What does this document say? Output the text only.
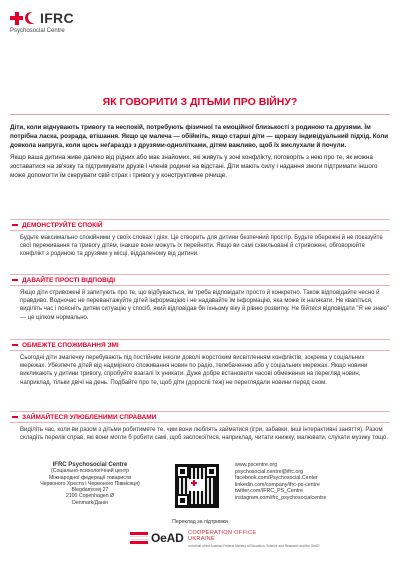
IFRC
Psychosocial Centre
ЯК ГОВОРИТИ З ДІТЬМИ ПРО ВІЙНУ?

Діти, коли відчувають тривогу та неспокій, потребують фізичної та емоційної близькості з родиною та друзями. Їм потрібна ласка, розрада, втішання. Якщо це малеча — обійміть, якщо старші діти — щоразу індивідуальний підхід. Коли довкола напруга, коли щось неґараздз з друзями-однолітками, дітям важливо, щоб їх вислухали й почули.

Якщо ваша дитина живе далеко від рідних або має знайомих, які живуть у зоні конфлікту, поговоріть з нею про те, як можна зоставатися на зв'язку та підтримувати друзів і членів родини на відстані. Діти мають силу і надання змоги підтримати іншого може допомогти їм скерувати свій страх і тривогу у конструктивне річище.

ДЕМОНСТРУЙТЕ СПОКІЙ
Будьте максимально спокійними у своїх словах і діях. Це створить для дитини безпечний простір. Будьте обережні й не показуйте свої переживання та тривогу дітям, інакше вони можуть їх перейняти. Якщо ви самі схвильовані й стривожені, обговорюйте конфлікт з родиною та друзями у місці, віддаленому від дитини.
ДАВАЙТЕ ПРОСТІ ВІДПОВІДІ
Якщо діти стривожені й запитують про те, що відбувається, їм треба відповідати просто й конкретно. Також відповідайте чесно й правдиво. Водночас не перевантажуйте дітей інформацією і не надавайте їм інформацію, яка може їх налякати. Не квапіться, виділіть час і поясніть дитям ситуацію у спосіб, який відповідав би їхньому віку й рівню розвитку. Не бійтеся відповідати "Я не знаю" — це цілком нормально.
ОБМЕЖТЕ СПОЖИВАННЯ ЗМІ
Сьогодні діти змалечку перебувають під постійним інколи доволі жорстоким висвітленням конфліктів, зокрема у соціальних мережах. Убезпечте дітей від надмірного споживання новин по радіо, телебаченню або у соціальних мережах. Якщо новини викликають у дитини тривогу, спробуйте взагалі їх уникати. Дуже добре встановити часові обмеження на перегляд новин, наприклад, тільки двічі на день. Подбайте про те, щоб діти (доросліі теж) не переглядали новини перед сном.
ЗАЙМАЙТЕСЯ УЛЮБЛЕНИМИ СПРАВАМИ
Виділіть час, коли ви разом з дітьми робитимете те, чим вони люблять займатися (ігри, забавки, інші інтерактивні заняття). Разом складіть перелік справ, які вони могли б робити самі, щоб заспокоїтися, наприклад, читати книжку, малювати, слухати музику тощо.
IFRC Psychosocial Centre
(Соціально-психологічний центр
Міжнародної федерації товариств
Червоного Хреста і Червоного Півмісяця)
Blegdamsvej 27
2100 Copenhagen Ø
Denmark/Данія
www.pscentre.org
psychosocial.centre@ifrc.org
facebook.com/Psychosocial.Center
linkedin.com/company/ifrc-ps-centre
twitter.com/IFRC_PS_Centre
instagram.com/ifrc_psychosocialcentre
Переклад за підтримки
OeAD COOPERATION OFFICE
UKRAINE
on behalf of the Austrian Federal Ministry of Education, Science and Research and the OeAD
